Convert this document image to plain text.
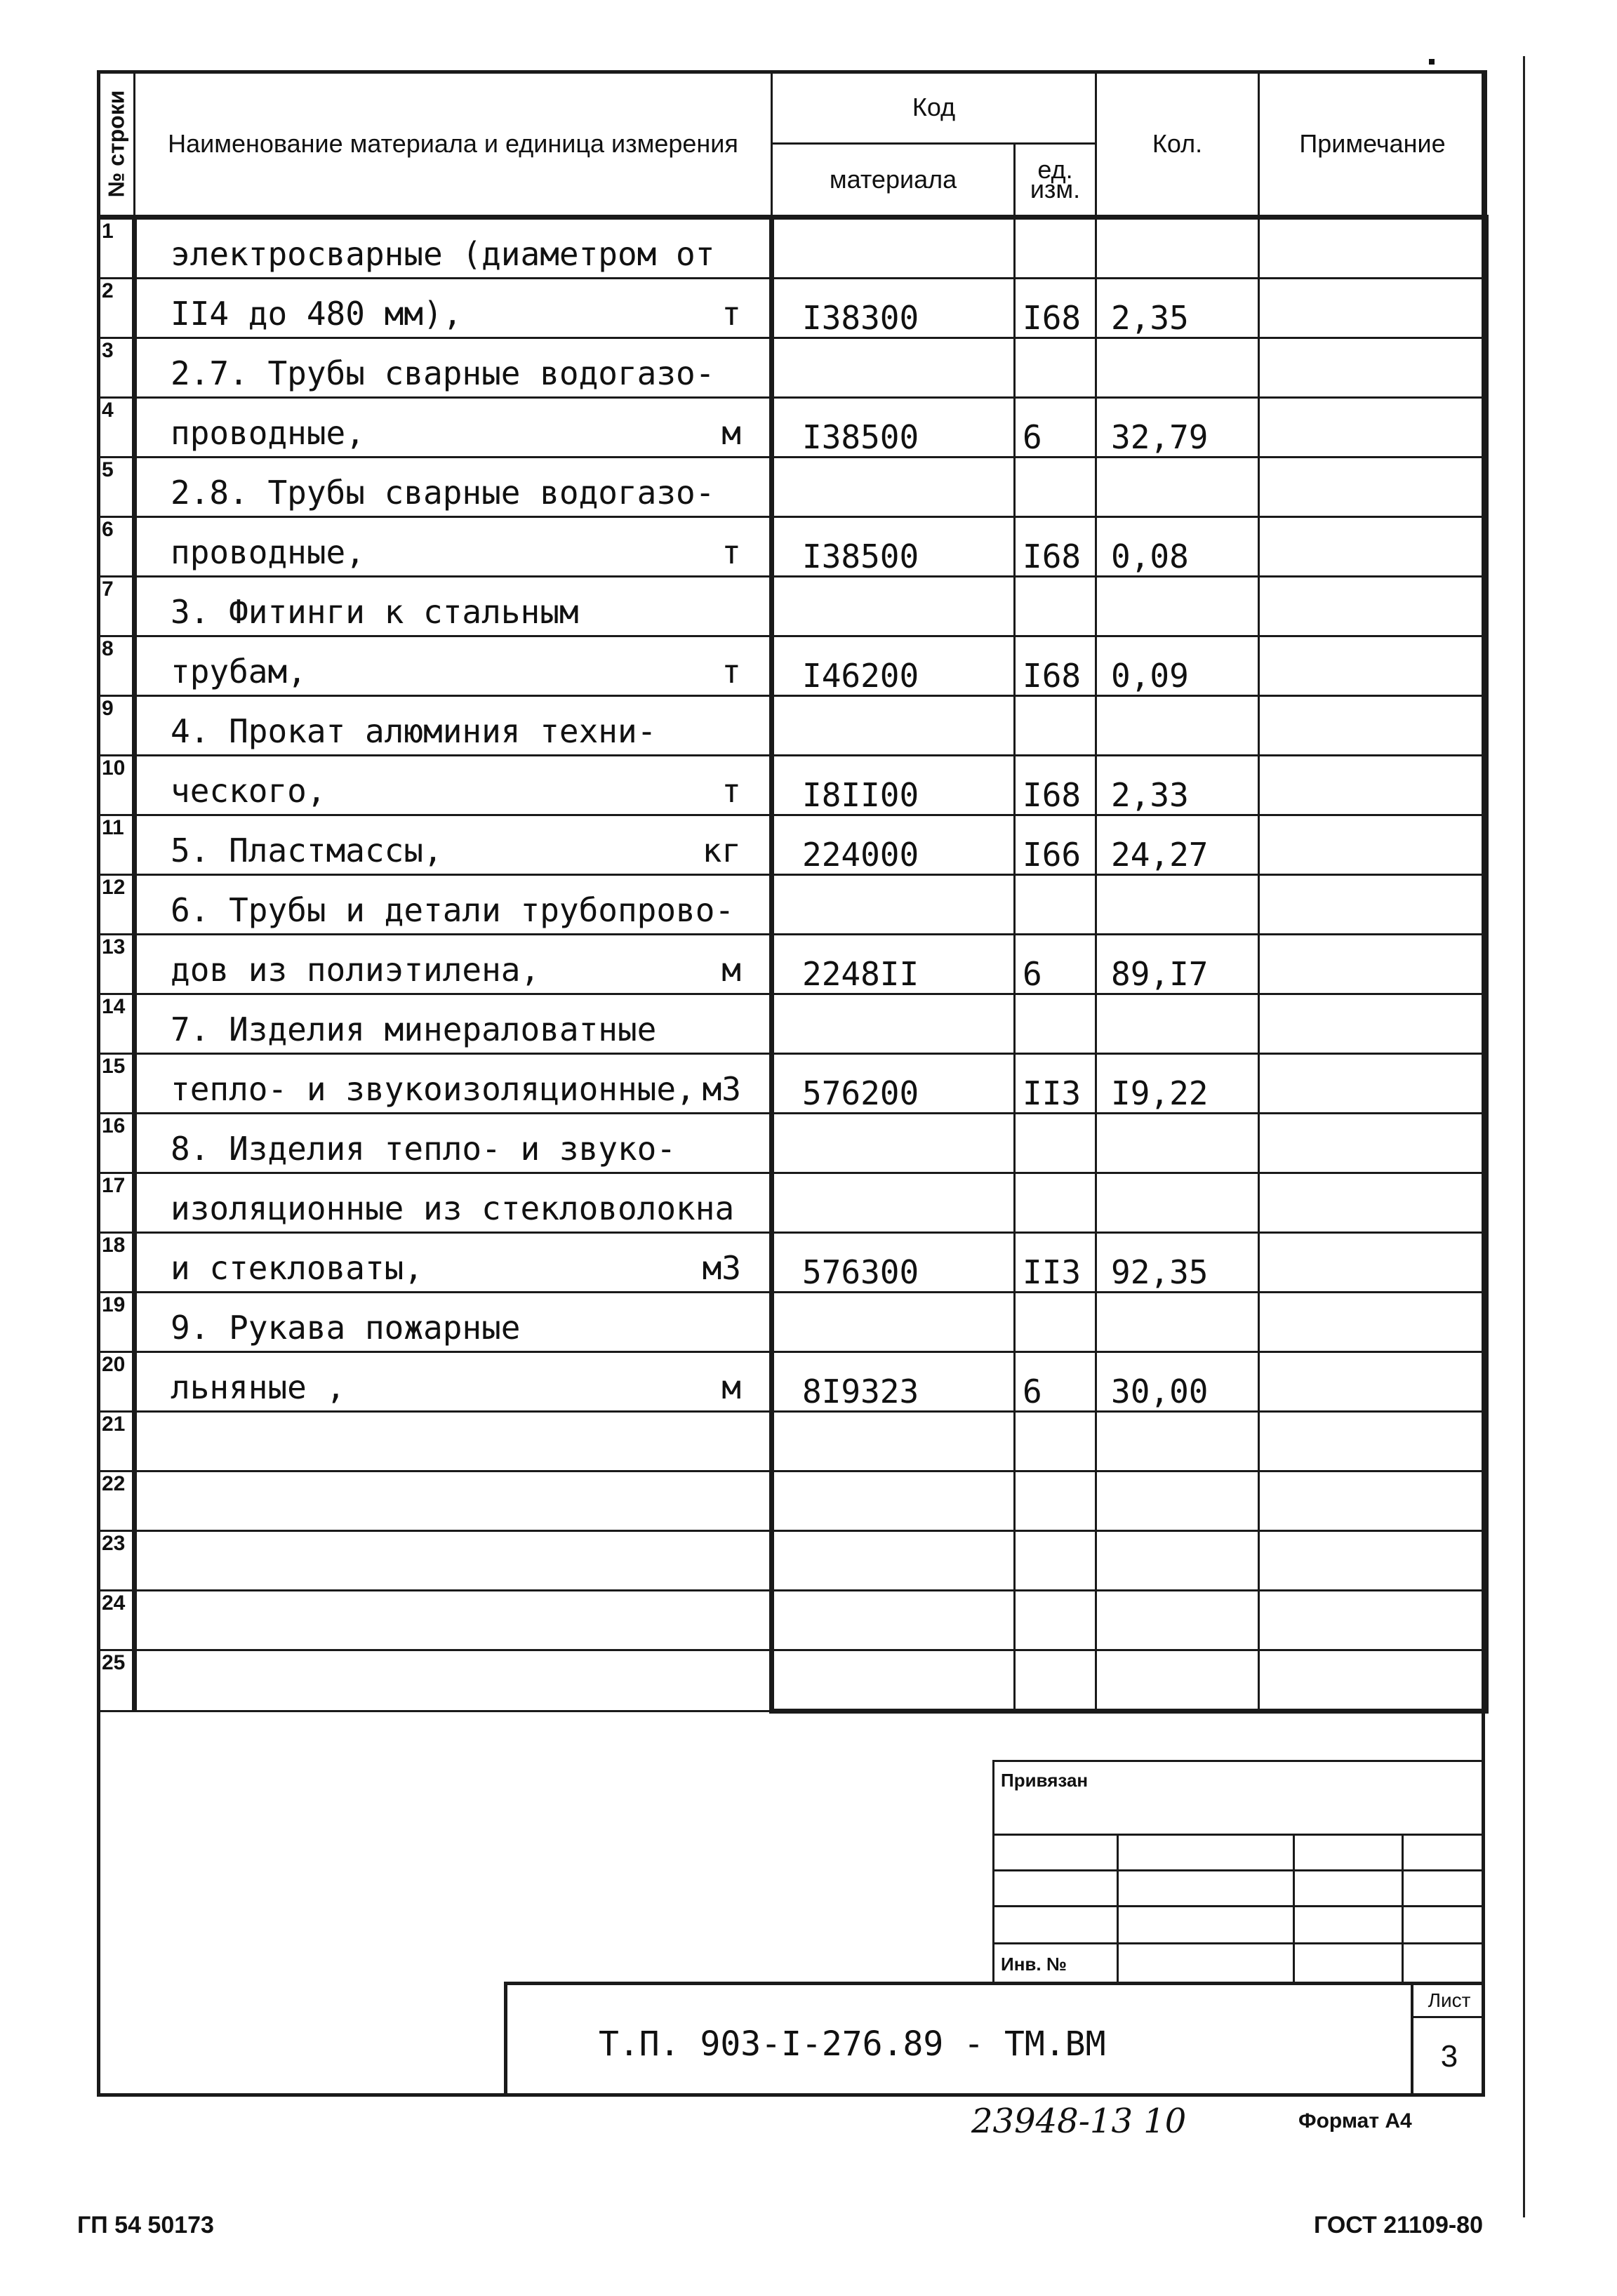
№ строки	Наименование материала и единица измерения	Код		Кол.	Примечание
		материала	ед. изм.		
1	электросварные (диаметром от

2	II4 до 480 мм), т	I38300	I68	2,35	
3	2.7. Трубы сварные водогазо-

4	проводные, м	I38500	6	32,79	
5	2.8. Трубы сварные водогазо-

6	проводные, т	I38500	I68	0,08	
7	3. Фитинги к стальным

8	трубам, т	I46200	I68	0,09	
9	4. Прокат алюминия техни-

10	ческого, т	I8II00	I68	2,33	
11	5. Пластмассы, кг	224000	I66	24,27	
12	6. Трубы и детали трубопрово-

13	дов из полиэтилена, м	2248II	6	89,I7	
14	7. Изделия минераловатные

15	тепло- и звукоизоляционные, м3	576200	II3	I9,22	
16	8. Изделия тепло- и звуко-

17	изоляционные из стекловолокна

18	и стекловаты, м3	576300	II3	92,35	
19	9. Рукава пожарные

20	льняные , м	8I9323	6	30,00	
21	

22	

23	

24	

25	

Привязан
Инв. №
Т.П. 903-I-276.89 - ТМ.ВМ
Лист
3
23948-13 10	Формат А4
ГП 54 50173	ГОСТ 21109-80
